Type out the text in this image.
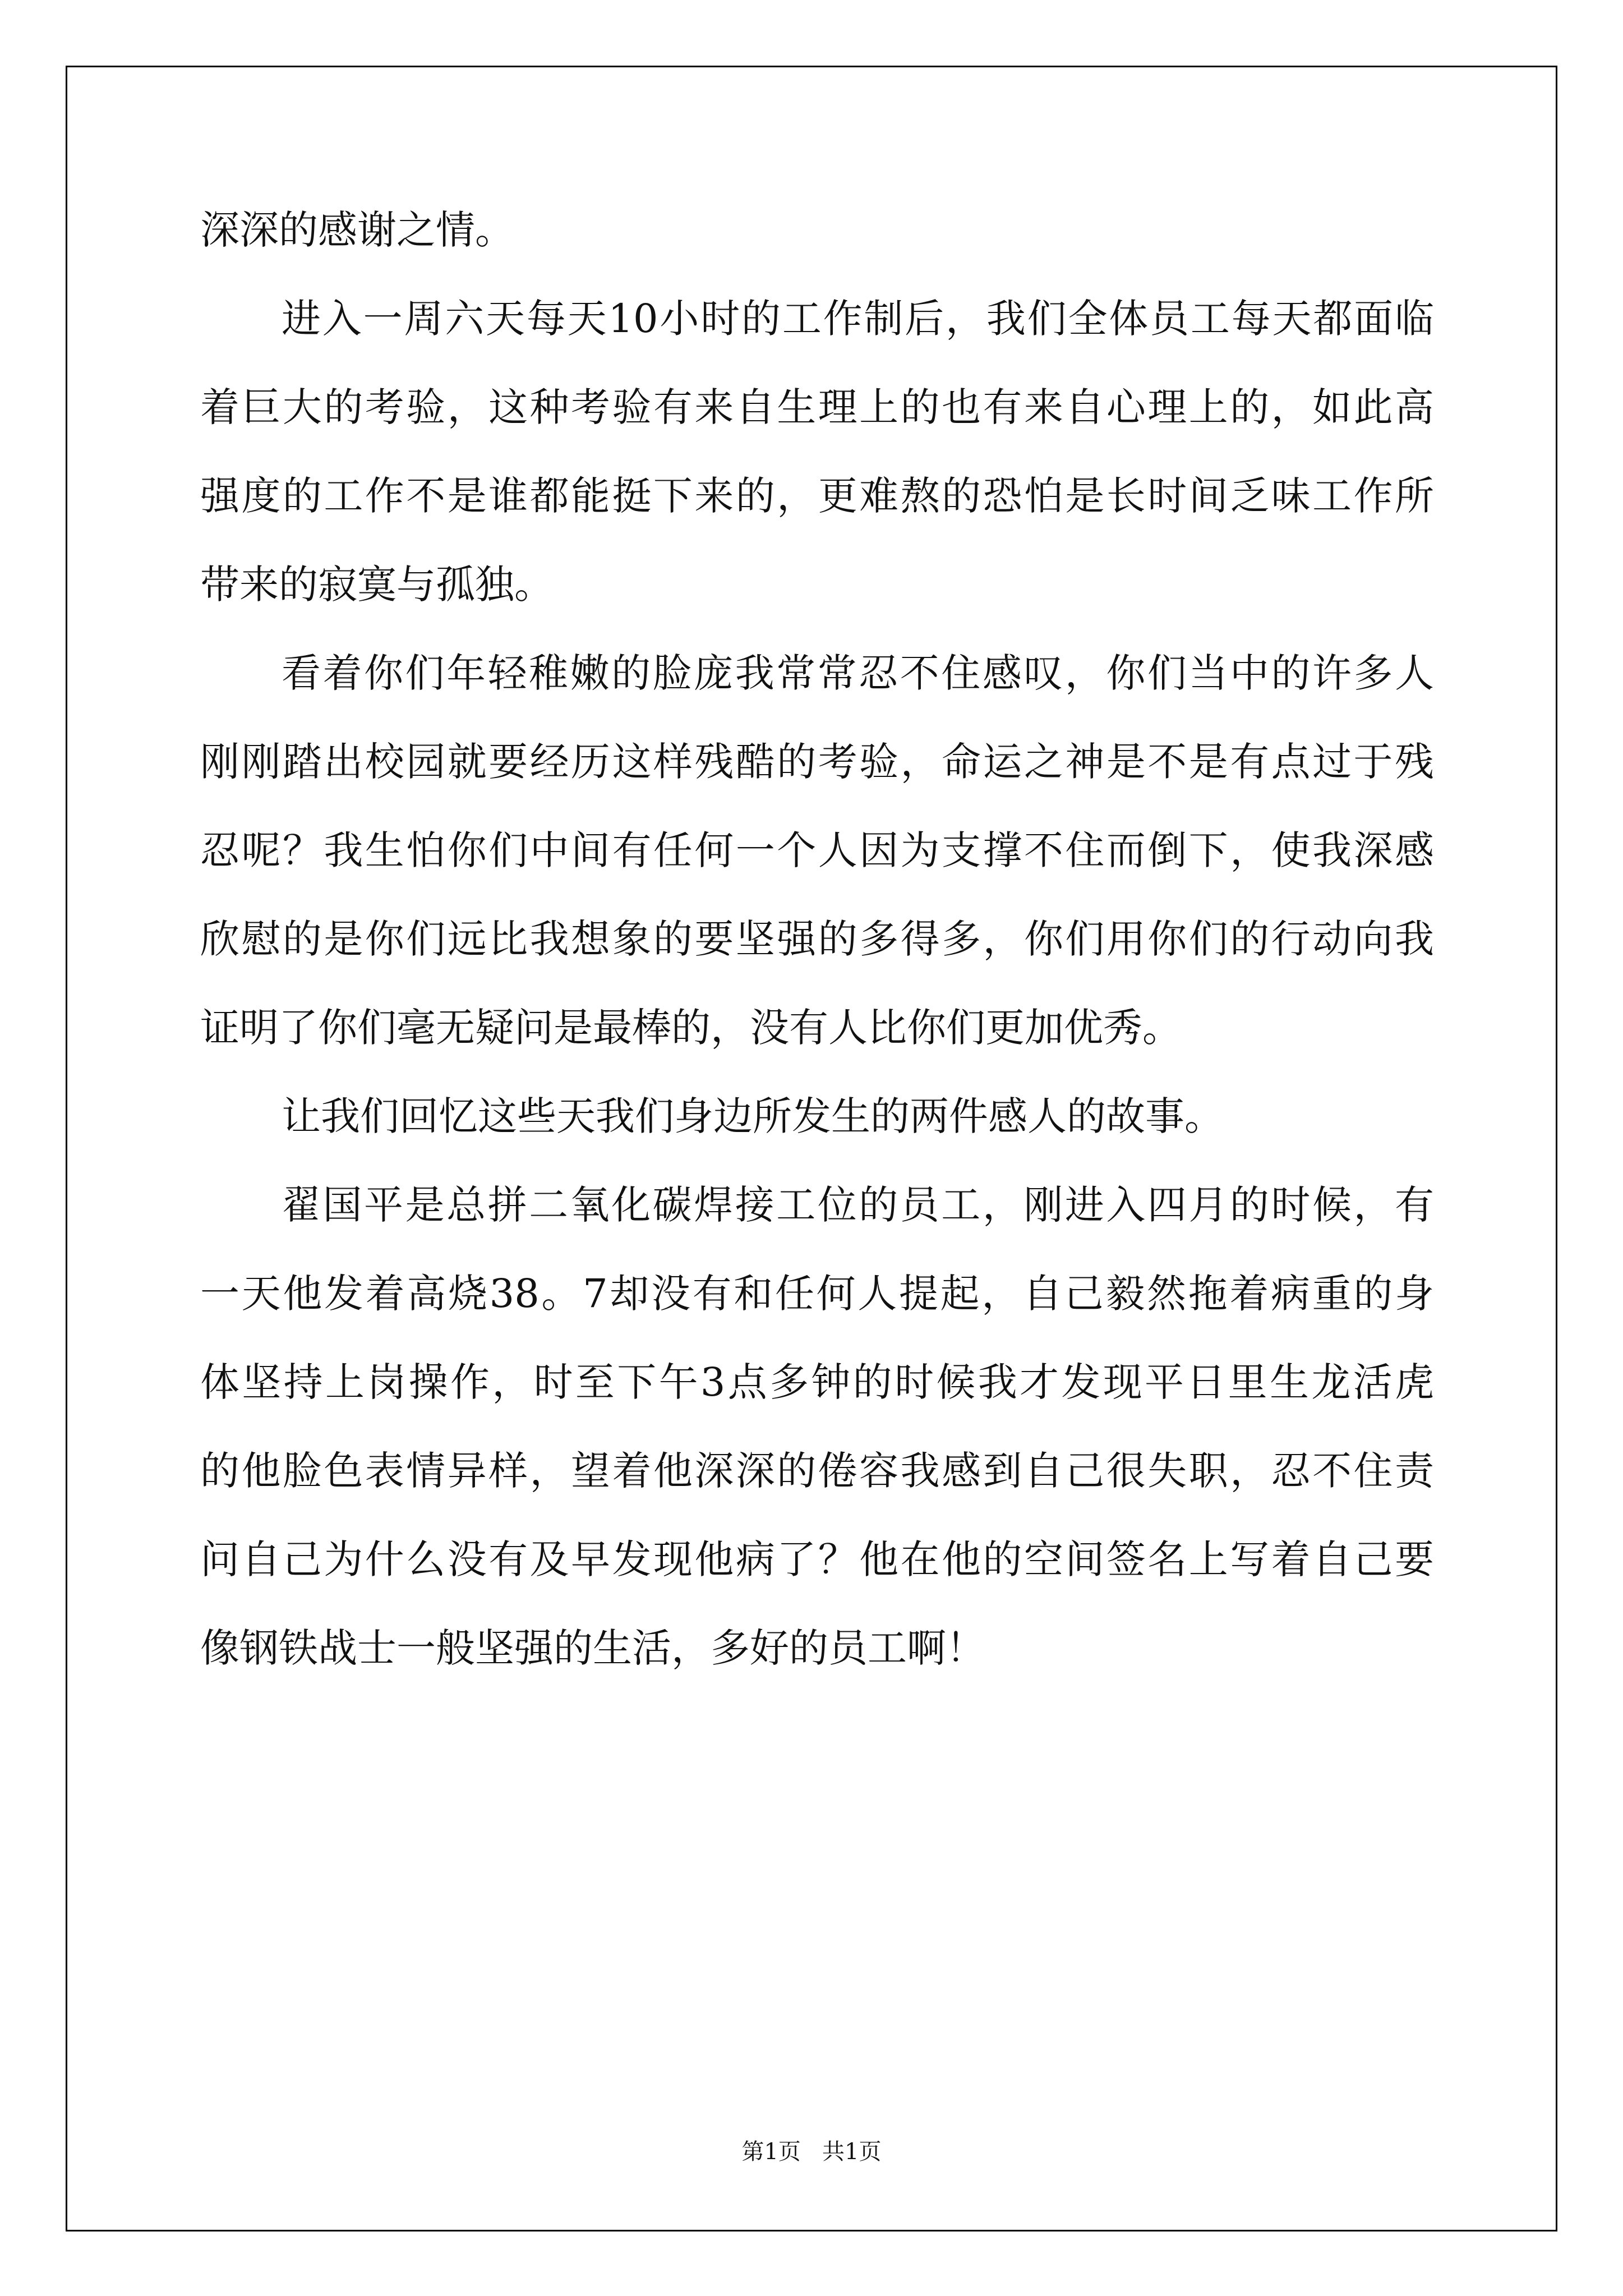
深深的感谢之情。
进入一周六天每天10小时的工作制后，我们全体员工每天都面临
着巨大的考验，这种考验有来自生理上的也有来自心理上的，如此高
强度的工作不是谁都能挺下来的，更难熬的恐怕是长时间乏味工作所
带来的寂寞与孤独。
看着你们年轻稚嫩的脸庞我常常忍不住感叹，你们当中的许多人
刚刚踏出校园就要经历这样残酷的考验，命运之神是不是有点过于残
忍呢？我生怕你们中间有任何一个人因为支撑不住而倒下，使我深感
欣慰的是你们远比我想象的要坚强的多得多，你们用你们的行动向我
证明了你们毫无疑问是最棒的，没有人比你们更加优秀。
让我们回忆这些天我们身边所发生的两件感人的故事。
翟国平是总拼二氧化碳焊接工位的员工，刚进入四月的时候，有
一天他发着高烧38。7却没有和任何人提起，自己毅然拖着病重的身
体坚持上岗操作，时至下午3点多钟的时候我才发现平日里生龙活虎
的他脸色表情异样，望着他深深的倦容我感到自己很失职，忍不住责
问自己为什么没有及早发现他病了？他在他的空间签名上写着自己要
像钢铁战士一般坚强的生活，多好的员工啊！
第1页   共1页
